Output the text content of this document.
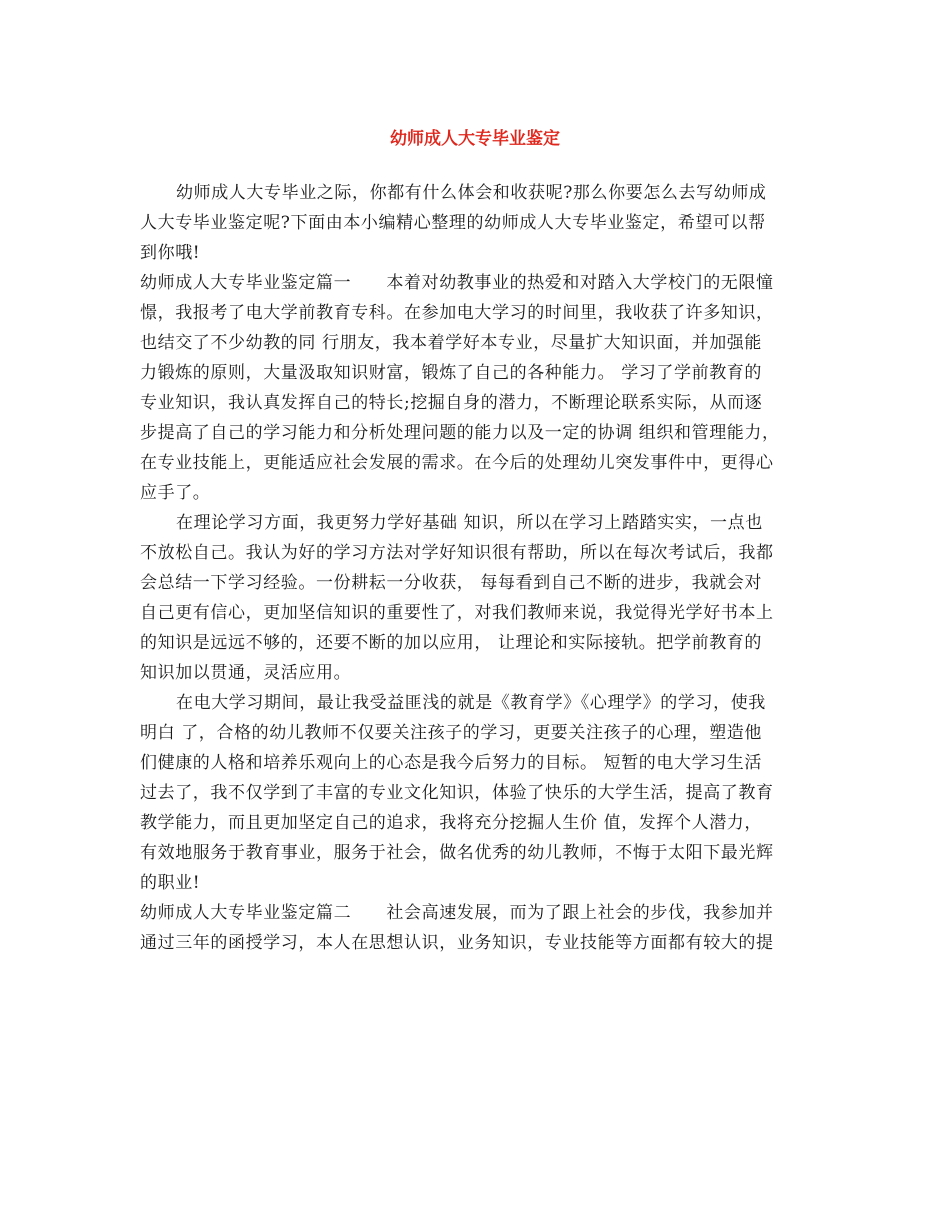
幼师成人大专毕业鉴定

幼师成人大专毕业之际，你都有什么体会和收获呢?那么你要怎么去写幼师成

人大专毕业鉴定呢?下面由本小编精心整理的幼师成人大专毕业鉴定，希望可以帮

到你哦!

幼师成人大专毕业鉴定篇一　　本着对幼教事业的热爱和对踏入大学校门的无限憧

憬，我报考了电大学前教育专科。在参加电大学习的时间里，我收获了许多知识，

也结交了不少幼教的同 行朋友，我本着学好本专业，尽量扩大知识面，并加强能

力锻炼的原则，大量汲取知识财富，锻炼了自己的各种能力。 学习了学前教育的

专业知识，我认真发挥自己的特长;挖掘自身的潜力，不断理论联系实际，从而逐

步提高了自己的学习能力和分析处理问题的能力以及一定的协调 组织和管理能力，

在专业技能上，更能适应社会发展的需求。在今后的处理幼儿突发事件中，更得心

应手了。

在理论学习方面，我更努力学好基础 知识，所以在学习上踏踏实实，一点也

不放松自己。我认为好的学习方法对学好知识很有帮助，所以在每次考试后，我都

会总结一下学习经验。一份耕耘一分收获， 每每看到自己不断的进步，我就会对

自己更有信心，更加坚信知识的重要性了，对我们教师来说，我觉得光学好书本上

的知识是远远不够的，还要不断的加以应用， 让理论和实际接轨。把学前教育的

知识加以贯通，灵活应用。

在电大学习期间，最让我受益匪浅的就是《教育学》《心理学》的学习，使我

明白 了，合格的幼儿教师不仅要关注孩子的学习，更要关注孩子的心理，塑造他

们健康的人格和培养乐观向上的心态是我今后努力的目标。 短暂的电大学习生活

过去了，我不仅学到了丰富的专业文化知识，体验了快乐的大学生活，提高了教育

教学能力，而且更加坚定自己的追求，我将充分挖掘人生价 值，发挥个人潜力，

有效地服务于教育事业，服务于社会，做名优秀的幼儿教师，不悔于太阳下最光辉

的职业!

幼师成人大专毕业鉴定篇二　　社会高速发展，而为了跟上社会的步伐，我参加并

通过三年的函授学习，本人在思想认识，业务知识，专业技能等方面都有较大的提
